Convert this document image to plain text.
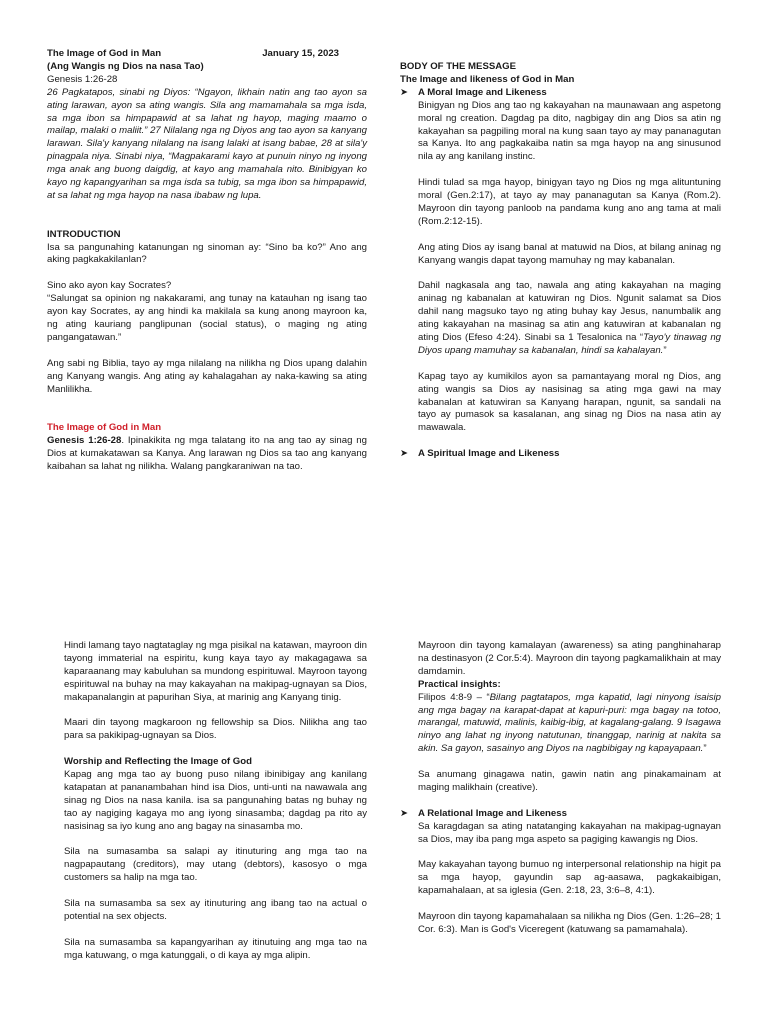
The Image of God in Man	January 15, 2023
(Ang Wangis ng Dios na nasa Tao)
Genesis 1:26-28

26 Pagkatapos, sinabi ng Diyos: “Ngayon, likhain natin ang tao ayon sa ating larawan, ayon sa ating wangis. Sila ang mamamahala sa mga isda, sa mga ibon sa himpapawid at sa lahat ng hayop, maging maamo o mailap, malaki o maliit.” 27 Nilalang nga ng Diyos ang tao ayon sa kanyang larawan. Sila'y kanyang nilalang na isang lalaki at isang babae, 28 at sila'y pinagpala niya. Sinabi niya, “Magpakarami kayo at punuin ninyo ng inyong mga anak ang buong daigdig, at kayo ang mamahala nito. Binibigyan ko kayo ng kapangyarihan sa mga isda sa tubig, sa mga ibon sa himpapawid, at sa lahat ng mga hayop na nasa ibabaw ng lupa.

INTRODUCTION

Isa sa pangunahing katanungan ng sinoman ay: “Sino ba ko?” Ano ang aking pagkakakilanlan?

Sino ako ayon kay Socrates?

“Salungat sa opinion ng nakakarami, ang tunay na katauhan ng isang tao ayon kay Socrates, ay ang hindi ka makilala sa kung anong mayroon ka, ng ating kauriang panglipunan (social status), o maging ng ating pangangatawan.”

Ang sabi ng Biblia, tayo ay mga nilalang na nilikha ng Dios upang dalahin ang Kanyang wangis. Ang ating ay kahalagahan ay naka-kawing sa ating Manlilikha.

The Image of God in Man

Genesis 1:26-28. Ipinakikita ng mga talatang ito na ang tao ay sinag ng Dios at kumakatawan sa Kanya. Ang larawan ng Dios sa tao ang kanyang kaibahan sa lahat ng nilikha. Walang pangkaraniwan na tao.

BODY OF THE MESSAGE
The Image and likeness of God in Man
➤	A Moral Image and Likeness

Binigyan ng Dios ang tao ng kakayahan na maunawaan ang aspetong moral ng creation. Dagdag pa dito, nagbigay din ang Dios sa atin ng kakayahan sa pagpiling moral na kung saan tayo ay may pananagutan sa Kanya. Ito ang pagkakaiba natin sa mga hayop na ang sinusunod nila ay ang kanilang instinc.

Hindi tulad sa mga hayop, binigyan tayo ng Dios ng mga alituntuning moral (Gen.2:17), at tayo ay may pananagutan sa Kanya (Rom.2). Mayroon din tayong panloob na pandama kung ano ang tama at mali (Rom.2:12-15).

Ang ating Dios ay isang banal at matuwid na Dios, at bilang aninag ng Kanyang wangis dapat tayong mamuhay ng may kabanalan.

Dahil nagkasala ang tao, nawala ang ating kakayahan na maging aninag ng kabanalan at katuwiran ng Dios. Ngunit salamat sa Dios dahil nang magsuko tayo ng ating buhay kay Jesus, nanumbalik ang ating kakayahan na masinag sa atin ang katuwiran at kabanalan ng ating Dios (Efeso 4:24). Sinabi sa 1 Tesalonica na “Tayo'y tinawag ng Diyos upang mamuhay sa kabanalan, hindi sa kahalayan.”

Kapag tayo ay kumikilos ayon sa pamantayang moral ng Dios, ang ating wangis sa Dios ay nasisinag sa ating mga gawi na may kabanalan at katuwiran sa Kanyang harapan, ngunit, sa sandali na tayo ay pumasok sa kasalanan, ang sinag ng Dios na nasa atin ay mawawala.

➤	A Spiritual Image and Likeness

Hindi lamang tayo nagtataglay ng mga pisikal na katawan, mayroon din tayong immaterial na espiritu, kung kaya tayo ay makagagawa sa kaparaanang may kabuluhan sa mundong espirituwal. Mayroon tayong espirituwal na buhay na may kakayahan na makipag-ugnayan sa Dios, makapanalangin at papurihan Siya, at marinig ang Kanyang tinig.

Maari din tayong magkaroon ng fellowship sa Dios. Nilikha ang tao para sa pakikipag-ugnayan sa Dios.

Worship and Reflecting the Image of God

Kapag ang mga tao ay buong puso nilang ibinibigay ang kanilang katapatan at pananambahan hind isa Dios, unti-unti na nawawala ang sinag ng Dios na nasa kanila. isa sa pangunahing batas ng buhay ng tao ay nagiging kagaya mo ang iyong sinasamba; dagdag pa rito ay nasisinag sa iyo kung ano ang bagay na sinasamba mo.

Sila na sumasamba sa salapi ay itinuturing ang mga tao na nagpapautang (creditors), may utang (debtors), kasosyo o mga customers sa halip na mga tao.

Sila na sumasamba sa sex ay itinuturing ang ibang tao na actual o potential na sex objects.

Sila na sumasamba sa kapangyarihan ay itinutuing ang mga tao na mga katuwang, o mga katunggali, o di kaya ay mga alipin.

Mayroon din tayong kamalayan (awareness) sa ating panghinaharap na destinasyon (2 Cor.5:4). Mayroon din tayong pagkamalikhain at may damdamin.

Practical insights:

Filipos 4:8-9 – “Bilang pagtatapos, mga kapatid, lagi ninyong isaisip ang mga bagay na karapat-dapat at kapuri-puri: mga bagay na totoo, marangal, matuwid, malinis, kaibig-ibig, at kagalang-galang. 9 Isagawa ninyo ang lahat ng inyong natutunan, tinanggap, narinig at nakita sa akin. Sa gayon, sasainyo ang Diyos na nagbibigay ng kapayapaan.”

Sa anumang ginagawa natin, gawin natin ang pinakamainam at maging malikhain (creative).

➤	A Relational Image and Likeness

Sa karagdagan sa ating natatanging kakayahan na makipag-ugnayan sa Dios, may iba pang mga aspeto sa pagiging kawangis ng Dios.

May kakayahan tayong bumuo ng interpersonal relationship na higit pa sa mga hayop, gayundin sap ag-aasawa, pagkakaibigan, kapamahalaan, at sa iglesia (Gen. 2:18, 23, 3:6–8, 4:1).

Mayroon din tayong kapamahalaan sa nilikha ng Dios (Gen. 1:26–28; 1 Cor. 6:3). Man is God's Viceregent (katuwang sa pamamahala).
